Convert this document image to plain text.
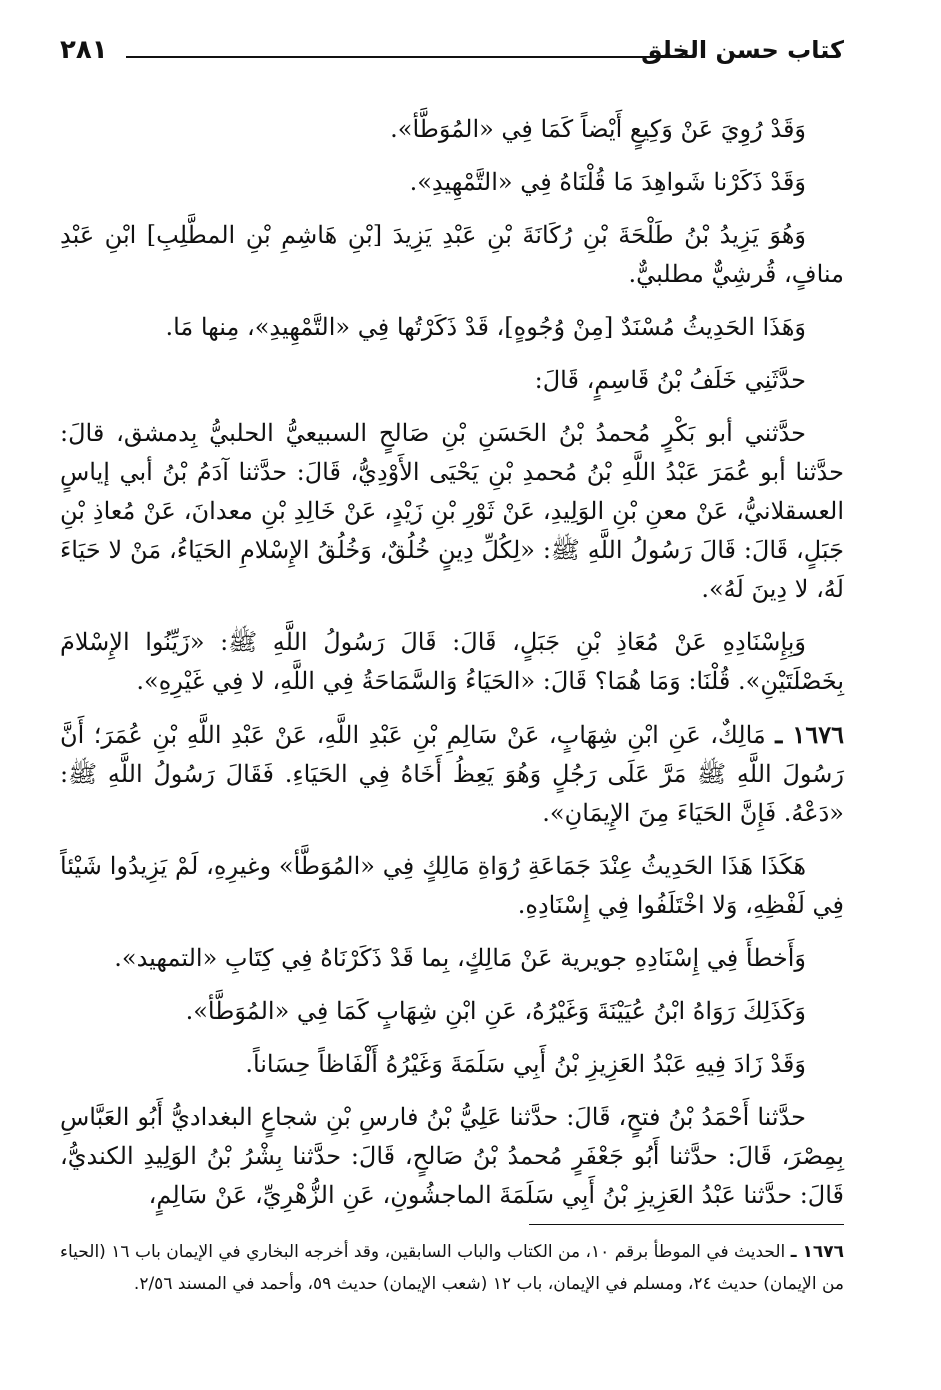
كتاب حسن الخلق
٢٨١

وَقَدْ رُوِيَ عَنْ وَكِيعٍ أَيْضاً كَمَا فِي «المُوَطَّأ».

وَقَدْ ذَكَرْنا شَواهِدَ مَا قُلْنَاهُ فِي «التَّمْهِيدِ».

وَهُوَ يَزِيدُ بْنُ طَلْحَةَ بْنِ رُكَانَةَ بْنِ عَبْدِ يَزِيدَ [بْنِ هَاشِمِ بْنِ المطَّلِبِ] ابْنِ عَبْدِ منافٍ، قُرشِيٌّ مطلبيٌّ.

وَهَذَا الحَدِيثُ مُسْنَدٌ [مِنْ وُجُوهٍ]، قَدْ ذَكَرْتُها فِي «التَّمْهِيدِ»، مِنها مَا.

حدَّثَنِي خَلَفُ بْنُ قَاسِمٍ، قَالَ:

حدَّثني أبو بَكْرٍ مُحمدُ بْنُ الحَسَنِ بْنِ صَالحٍ السبيعيُّ الحلبيُّ بِدمشق، قالَ: حدَّثنا أبو عُمَرَ عَبْدُ اللَّهِ بْنُ مُحمدِ بْنِ يَحْيَى الأَوْدِيُّ، قَالَ: حدَّثنا آدَمُ بْنُ أبي إياسٍ العسقلانيُّ، عَنْ معنِ بْنِ الوَلِيدِ، عَنْ ثَوْرِ بْنِ زَيْدٍ، عَنْ خَالِدِ بْنِ معدانَ، عَنْ مُعاذِ بْنِ جَبَلٍ، قَالَ: قَالَ رَسُولُ اللَّهِ ﷺ: «لِكُلِّ دِينٍ خُلُقٌ، وَخُلُقُ الإِسْلامِ الحَيَاءُ، مَنْ لا حَيَاءَ لَهُ، لا دِينَ لَهُ».

وَبِإِسْنَادِهِ عَنْ مُعَاذِ بْنِ جَبَلٍ، قَالَ: قَالَ رَسُولُ اللَّهِ ﷺ: «زَيِّنُوا الإِسْلامَ بِخَصْلَتَيْنِ». قُلْنَا: وَمَا هُمَا؟ قَالَ: «الحَيَاءُ وَالسَّمَاحَةُ فِي اللَّهِ، لا فِي غَيْرِهِ».

١٦٧٦ ـ مَالِكٌ، عَنِ ابْنِ شِهَابٍ، عَنْ سَالِمِ بْنِ عَبْدِ اللَّهِ، عَنْ عَبْدِ اللَّهِ بْنِ عُمَرَ؛ أَنَّ رَسُولَ اللَّهِ ﷺ مَرَّ عَلَى رَجُلٍ وَهُوَ يَعِظُ أَخَاهُ فِي الحَيَاءِ. فَقَالَ رَسُولُ اللَّهِ ﷺ: «دَعْهُ. فَإِنَّ الحَيَاءَ مِنَ الإِيمَانِ».

هَكَذَا هَذَا الحَدِيثُ عِنْدَ جَمَاعَةِ رُوَاةِ مَالِكٍ فِي «المُوَطَّأ» وغيرِهِ، لَمْ يَزِيدُوا شَيْئاً فِي لَفْظِهِ، وَلا اخْتَلَفُوا فِي إِسْنَادِهِ.

وَأَخطأَ فِي إِسْنَادِهِ جويرية عَنْ مَالِكٍ، بِما قَدْ ذَكَرْنَاهُ فِي كِتَابِ «التمهيد».

وَكَذَلِكَ رَوَاهُ ابْنُ عُيَيْنَةَ وَغَيْرُهُ، عَنِ ابْنِ شِهَابٍ كَمَا فِي «المُوَطَّأ».

وَقَدْ زَادَ فِيهِ عَبْدُ العَزِيزِ بْنُ أَبِي سَلَمَةَ وَغَيْرُهُ أَلْفَاظاً حِسَاناً.

حدَّثنا أَحْمَدُ بْنُ فتحٍ، قَالَ: حدَّثنا عَلِيُّ بْنُ فارسِ بْنِ شجاعٍ البغداديُّ أَبُو العَبَّاسِ بِمِصْرَ، قَالَ: حدَّثنا أَبُو جَعْفَرٍ مُحمدُ بْنُ صَالحٍ، قَالَ: حدَّثنا بِشْرُ بْنُ الوَلِيدِ الكنديُّ، قَالَ: حدَّثنا عَبْدُ العَزِيزِ بْنُ أَبِي سَلَمَةَ الماجشُونِ، عَنِ الزُّهْرِيِّ، عَنْ سَالِمٍ،

١٦٧٦ ـ الحديث في الموطأ برقم ١٠، من الكتاب والباب السابقين، وقد أخرجه البخاري في الإيمان باب ١٦ (الحياء من الإيمان) حديث ٢٤، ومسلم في الإيمان، باب ١٢ (شعب الإيمان) حديث ٥٩، وأحمد في المسند ٢/٥٦.
